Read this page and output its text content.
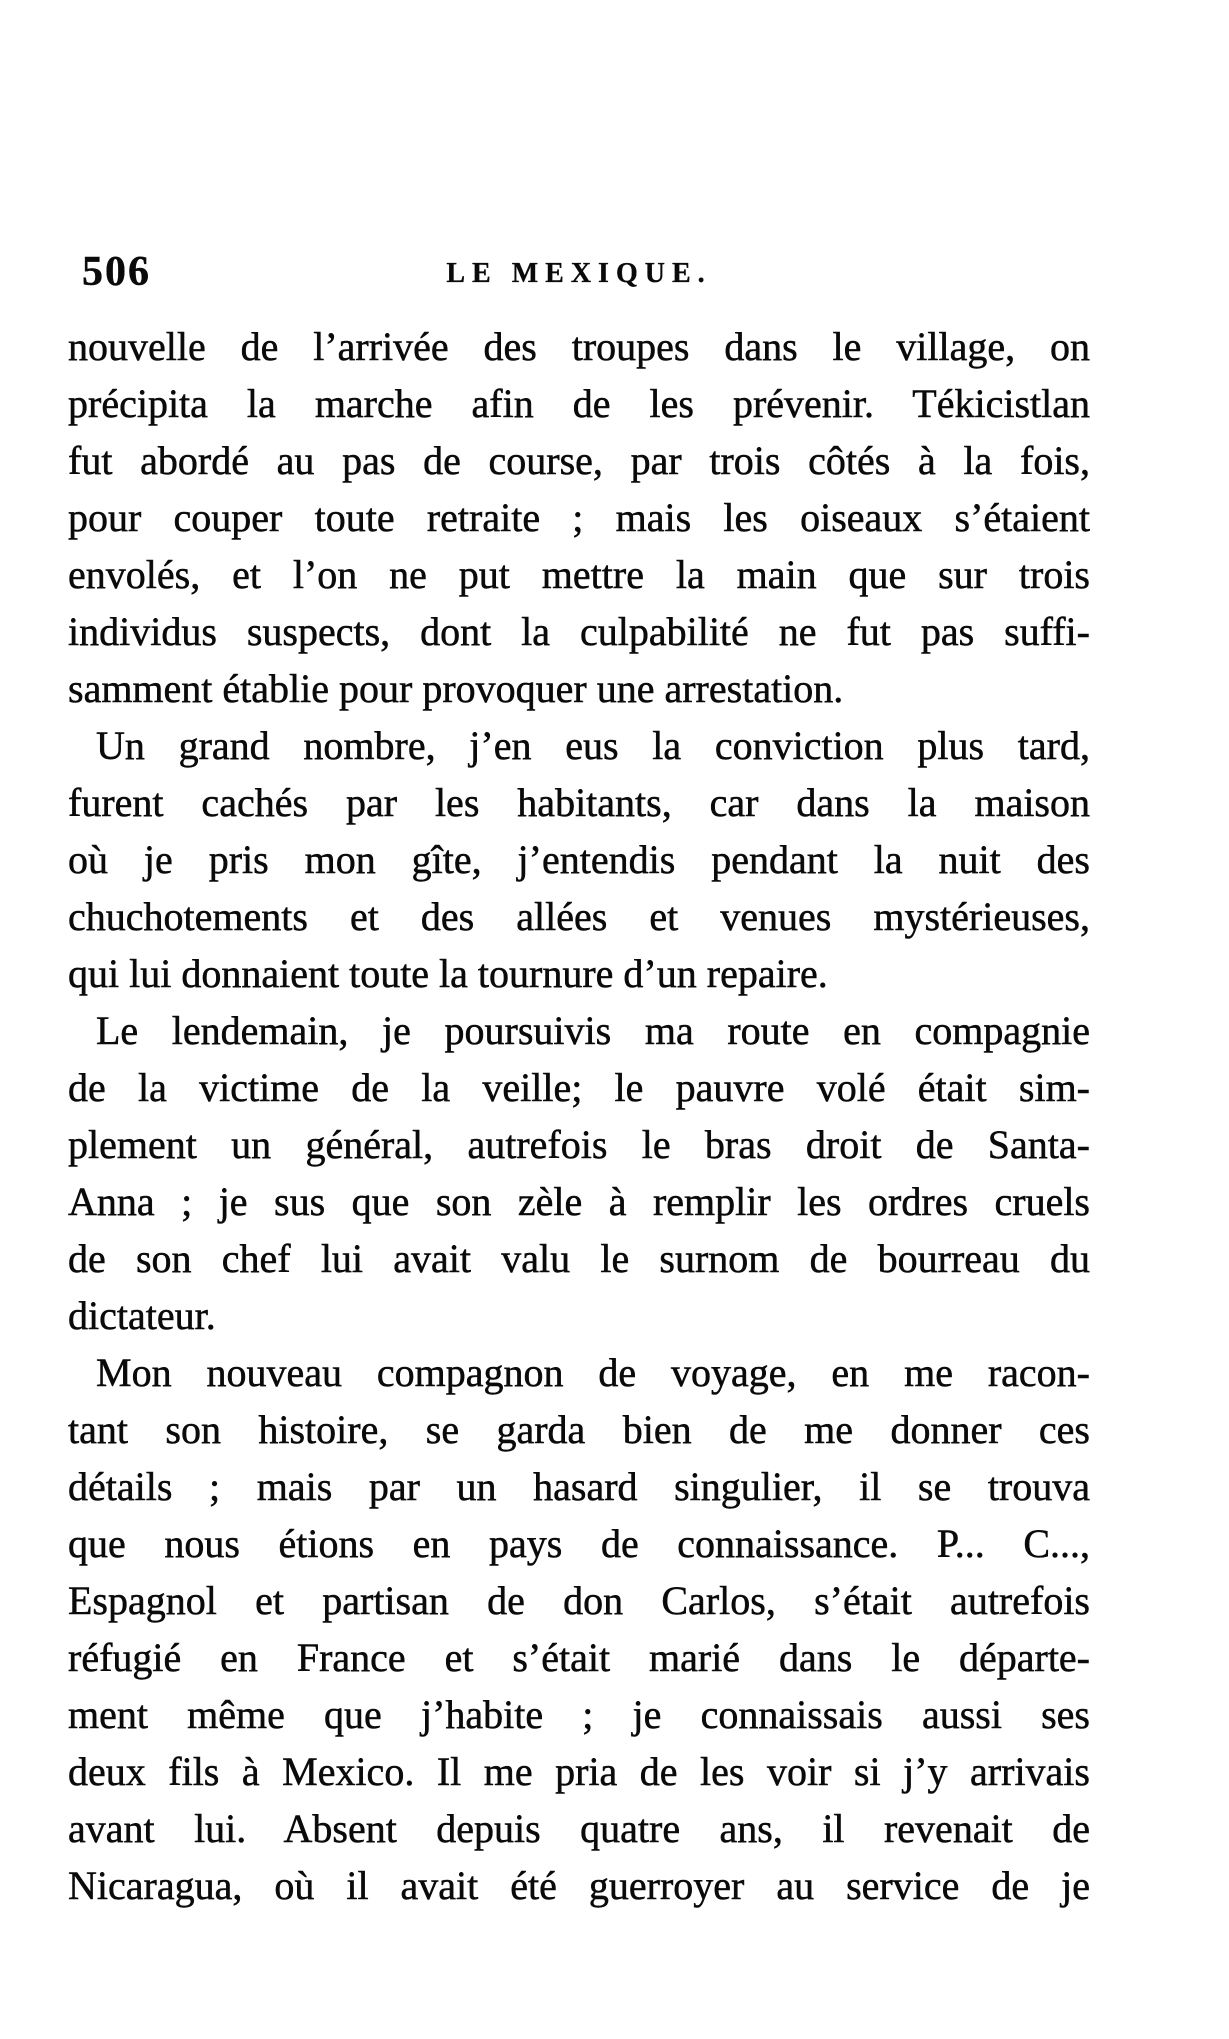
506	LE MEXIQUE.
nouvelle de l’arrivée des troupes dans le village, on
précipita la marche afin de les prévenir. Tékicistlan
fut abordé au pas de course, par trois côtés à la fois,
pour couper toute retraite ; mais les oiseaux s’étaient
envolés, et l’on ne put mettre la main que sur trois
individus suspects, dont la culpabilité ne fut pas suffi-
samment établie pour provoquer une arrestation.
Un grand nombre, j’en eus la conviction plus tard,
furent cachés par les habitants, car dans la maison
où je pris mon gîte, j’entendis pendant la nuit des
chuchotements et des allées et venues mystérieuses,
qui lui donnaient toute la tournure d’un repaire.
Le lendemain, je poursuivis ma route en compagnie
de la victime de la veille; le pauvre volé était sim-
plement un général, autrefois le bras droit de Santa-
Anna ; je sus que son zèle à remplir les ordres cruels
de son chef lui avait valu le surnom de bourreau du
dictateur.
Mon nouveau compagnon de voyage, en me racon-
tant son histoire, se garda bien de me donner ces
détails ; mais par un hasard singulier, il se trouva
que nous étions en pays de connaissance. P... C...,
Espagnol et partisan de don Carlos, s’était autrefois
réfugié en France et s’était marié dans le départe-
ment même que j’habite ; je connaissais aussi ses
deux fils à Mexico. Il me pria de les voir si j’y arrivais
avant lui. Absent depuis quatre ans, il revenait de
Nicaragua, où il avait été guerroyer au service de je
